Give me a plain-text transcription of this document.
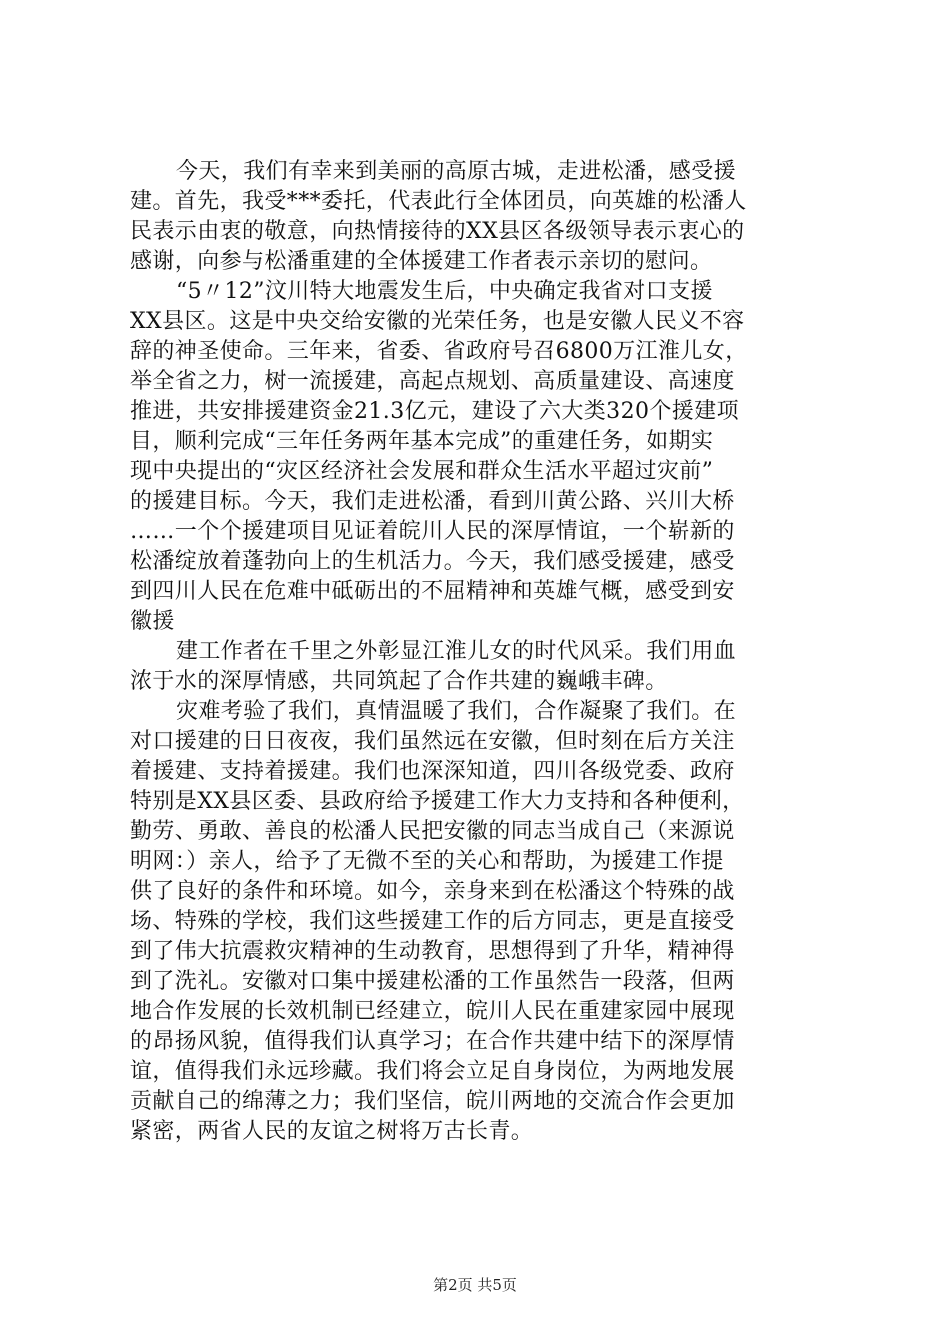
今天，我们有幸来到美丽的高原古城，走进松潘，感受援
建。首先，我受***委托，代表此行全体团员，向英雄的松潘人
民表示由衷的敬意，向热情接待的XX县区各级领导表示衷心的
感谢，向参与松潘重建的全体援建工作者表示亲切的慰问。
“5〃12”汶川特大地震发生后，中央确定我省对口支援
XX县区。这是中央交给安徽的光荣任务，也是安徽人民义不容
辞的神圣使命。三年来，省委、省政府号召6800万江淮儿女，
举全省之力，树一流援建，高起点规划、高质量建设、高速度
推进，共安排援建资金21.3亿元，建设了六大类320个援建项
目，顺利完成“三年任务两年基本完成”的重建任务，如期实
现中央提出的“灾区经济社会发展和群众生活水平超过灾前”
的援建目标。今天，我们走进松潘，看到川黄公路、兴川大桥
……一个个援建项目见证着皖川人民的深厚情谊，一个崭新的
松潘绽放着蓬勃向上的生机活力。今天，我们感受援建，感受
到四川人民在危难中砥砺出的不屈精神和英雄气概，感受到安
徽援
建工作者在千里之外彰显江淮儿女的时代风采。我们用血
浓于水的深厚情感，共同筑起了合作共建的巍峨丰碑。
灾难考验了我们，真情温暖了我们，合作凝聚了我们。在
对口援建的日日夜夜，我们虽然远在安徽，但时刻在后方关注
着援建、支持着援建。我们也深深知道，四川各级党委、政府
特别是XX县区委、县政府给予援建工作大力支持和各种便利，
勤劳、勇敢、善良的松潘人民把安徽的同志当成自己（来源说
明网：）亲人，给予了无微不至的关心和帮助，为援建工作提
供了良好的条件和环境。如今，亲身来到在松潘这个特殊的战
场、特殊的学校，我们这些援建工作的后方同志，更是直接受
到了伟大抗震救灾精神的生动教育，思想得到了升华，精神得
到了洗礼。安徽对口集中援建松潘的工作虽然告一段落，但两
地合作发展的长效机制已经建立，皖川人民在重建家园中展现
的昂扬风貌，值得我们认真学习；在合作共建中结下的深厚情
谊，值得我们永远珍藏。我们将会立足自身岗位，为两地发展
贡献自己的绵薄之力；我们坚信，皖川两地的交流合作会更加
紧密，两省人民的友谊之树将万古长青。
第2页 共5页
